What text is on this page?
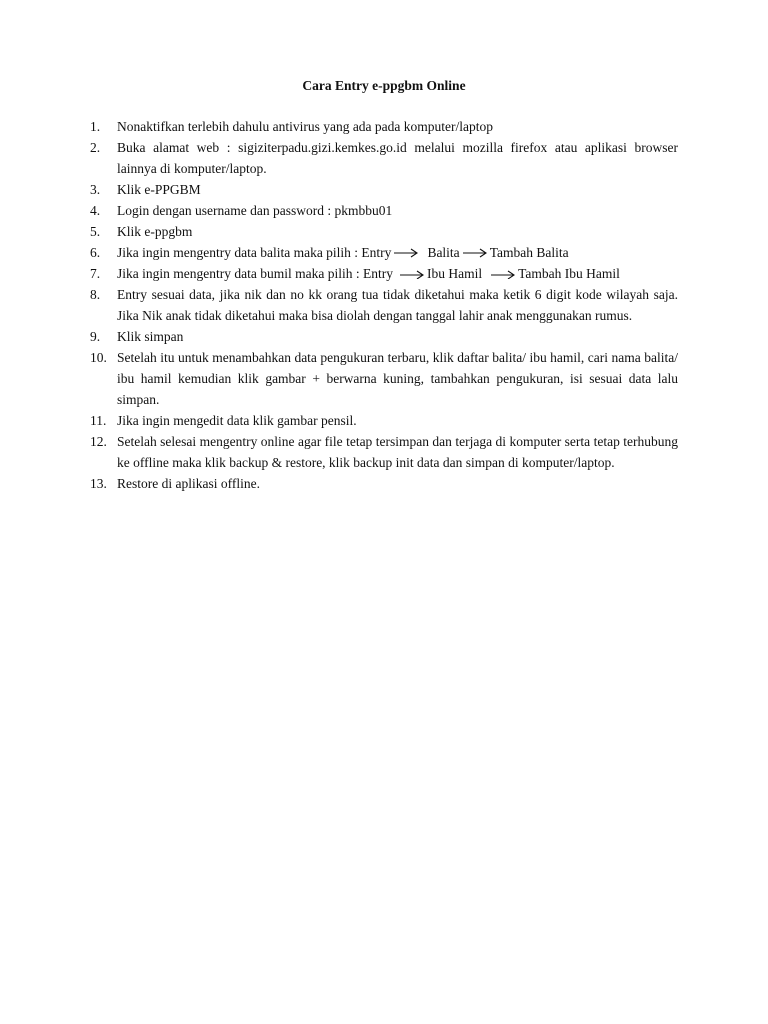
Cara Entry e-ppgbm Online
1.	Nonaktifkan terlebih dahulu antivirus yang ada pada komputer/laptop
2.	Buka alamat web : sigiziterpadu.gizi.kemkes.go.id melalui mozilla firefox atau aplikasi browser lainnya di komputer/laptop.
3.	Klik e-PPGBM
4.	Login dengan username dan password : pkmbbu01
5.	Klik e-ppgbm
6.	Jika ingin mengentry data balita maka pilih : Entry	Balita Tambah Balita
7.	Jika ingin mengentry data bumil maka pilih : Entry	Ibu Hamil	Tambah Ibu Hamil
8.	Entry sesuai data, jika nik dan no kk orang tua tidak diketahui maka ketik 6 digit kode wilayah saja. Jika Nik anak tidak diketahui maka bisa diolah dengan tanggal lahir anak menggunakan rumus.
9.	Klik simpan
10. Setelah itu untuk menambahkan data pengukuran terbaru, klik daftar balita/ ibu hamil, cari nama balita/ ibu hamil kemudian klik gambar + berwarna kuning, tambahkan pengukuran, isi sesuai data lalu simpan.
11. Jika ingin mengedit data klik gambar pensil.
12. Setelah selesai mengentry online agar file tetap tersimpan dan terjaga di komputer serta tetap terhubung ke offline maka klik backup & restore, klik backup init data dan simpan di komputer/laptop.
13. Restore di aplikasi offline.
